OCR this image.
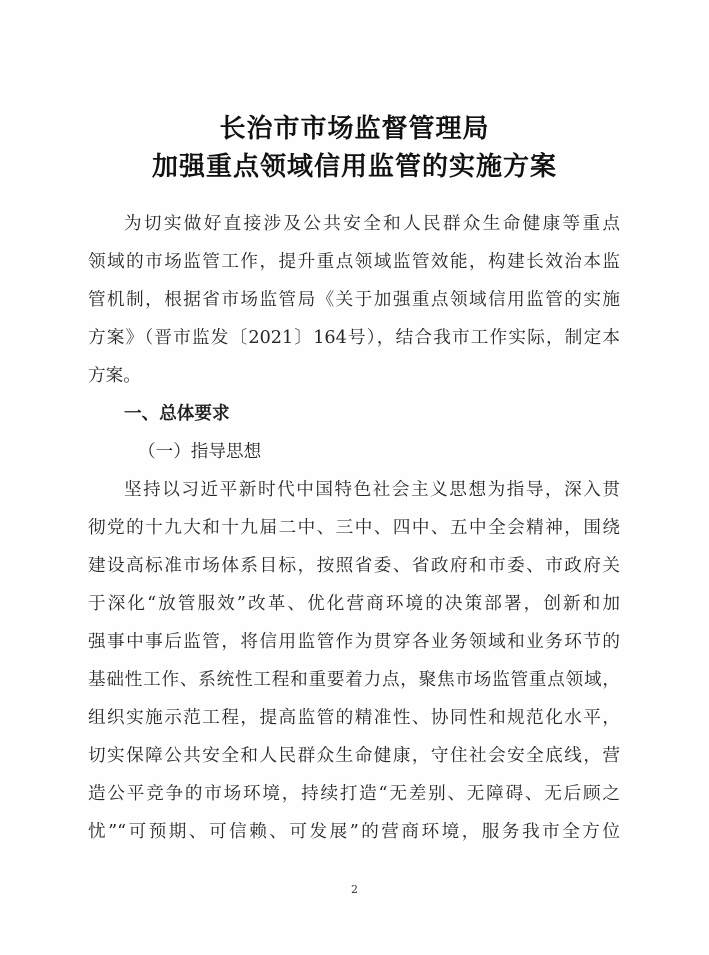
长治市市场监督管理局
加强重点领域信用监管的实施方案
为切实做好直接涉及公共安全和人民群众生命健康等重点
领域的市场监管工作，提升重点领域监管效能，构建长效治本监
管机制，根据省市场监管局《关于加强重点领域信用监管的实施
方案》（晋市监发〔2021〕164号），结合我市工作实际，制定本
方案。
一、总体要求
（一）指导思想
坚持以习近平新时代中国特色社会主义思想为指导，深入贯
彻党的十九大和十九届二中、三中、四中、五中全会精神，围绕
建设高标准市场体系目标，按照省委、省政府和市委、市政府关
于深化“放管服效”改革、优化营商环境的决策部署，创新和加
强事中事后监管，将信用监管作为贯穿各业务领域和业务环节的
基础性工作、系统性工程和重要着力点，聚焦市场监管重点领域，
组织实施示范工程，提高监管的精准性、协同性和规范化水平，
切实保障公共安全和人民群众生命健康，守住社会安全底线，营
造公平竞争的市场环境，持续打造“无差别、无障碍、无后顾之
忧”“可预期、可信赖、可发展”的营商环境，服务我市全方位
2
